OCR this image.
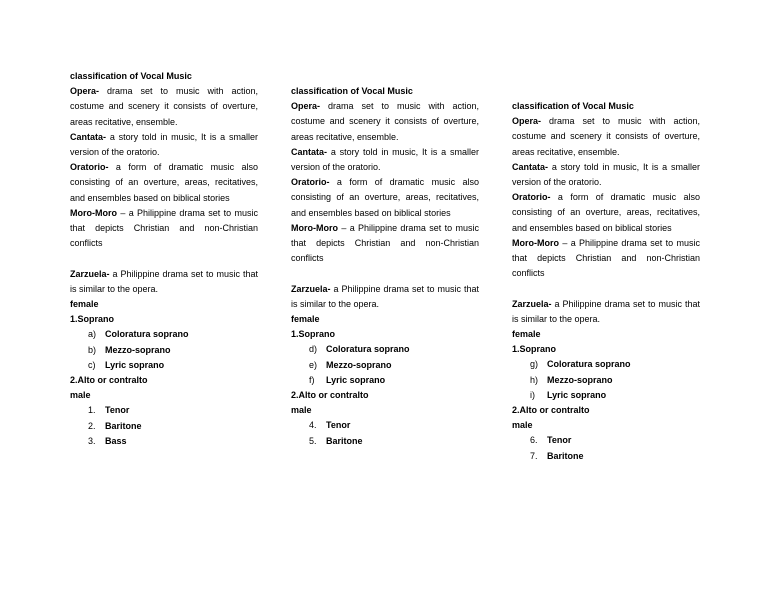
classification of Vocal Music

Opera- drama set to music with action, costume and scenery it consists of overture, areas recitative, ensemble.

Cantata- a story told in music, It is a smaller version of the oratorio.

Oratorio- a form of dramatic music also consisting of an overture, areas, recitatives, and ensembles based on biblical stories

Moro-Moro – a Philippine drama set to music that depicts Christian and non-Christian conflicts

Zarzuela- a Philippine drama set to music that is similar to the opera.

female
1.Soprano
a) Coloratura soprano
b) Mezzo-soprano
c) Lyric soprano
2.Alto or contralto
male
1. Tenor
2. Baritone
3. Bass
classification of Vocal Music

Opera- drama set to music with action, costume and scenery it consists of overture, areas recitative, ensemble.

Cantata- a story told in music, It is a smaller version of the oratorio.

Oratorio- a form of dramatic music also consisting of an overture, areas, recitatives, and ensembles based on biblical stories

Moro-Moro – a Philippine drama set to music that depicts Christian and non-Christian conflicts

Zarzuela- a Philippine drama set to music that is similar to the opera.

female
1.Soprano
d) Coloratura soprano
e) Mezzo-soprano
f) Lyric soprano
2.Alto or contralto
male
4. Tenor
5. Baritone
classification of Vocal Music

Opera- drama set to music with action, costume and scenery it consists of overture, areas recitative, ensemble.

Cantata- a story told in music, It is a smaller version of the oratorio.

Oratorio- a form of dramatic music also consisting of an overture, areas, recitatives, and ensembles based on biblical stories

Moro-Moro – a Philippine drama set to music that depicts Christian and non-Christian conflicts

Zarzuela- a Philippine drama set to music that is similar to the opera.

female
1.Soprano
g) Coloratura soprano
h) Mezzo-soprano
i) Lyric soprano
2.Alto or contralto
male
6. Tenor
7. Baritone
